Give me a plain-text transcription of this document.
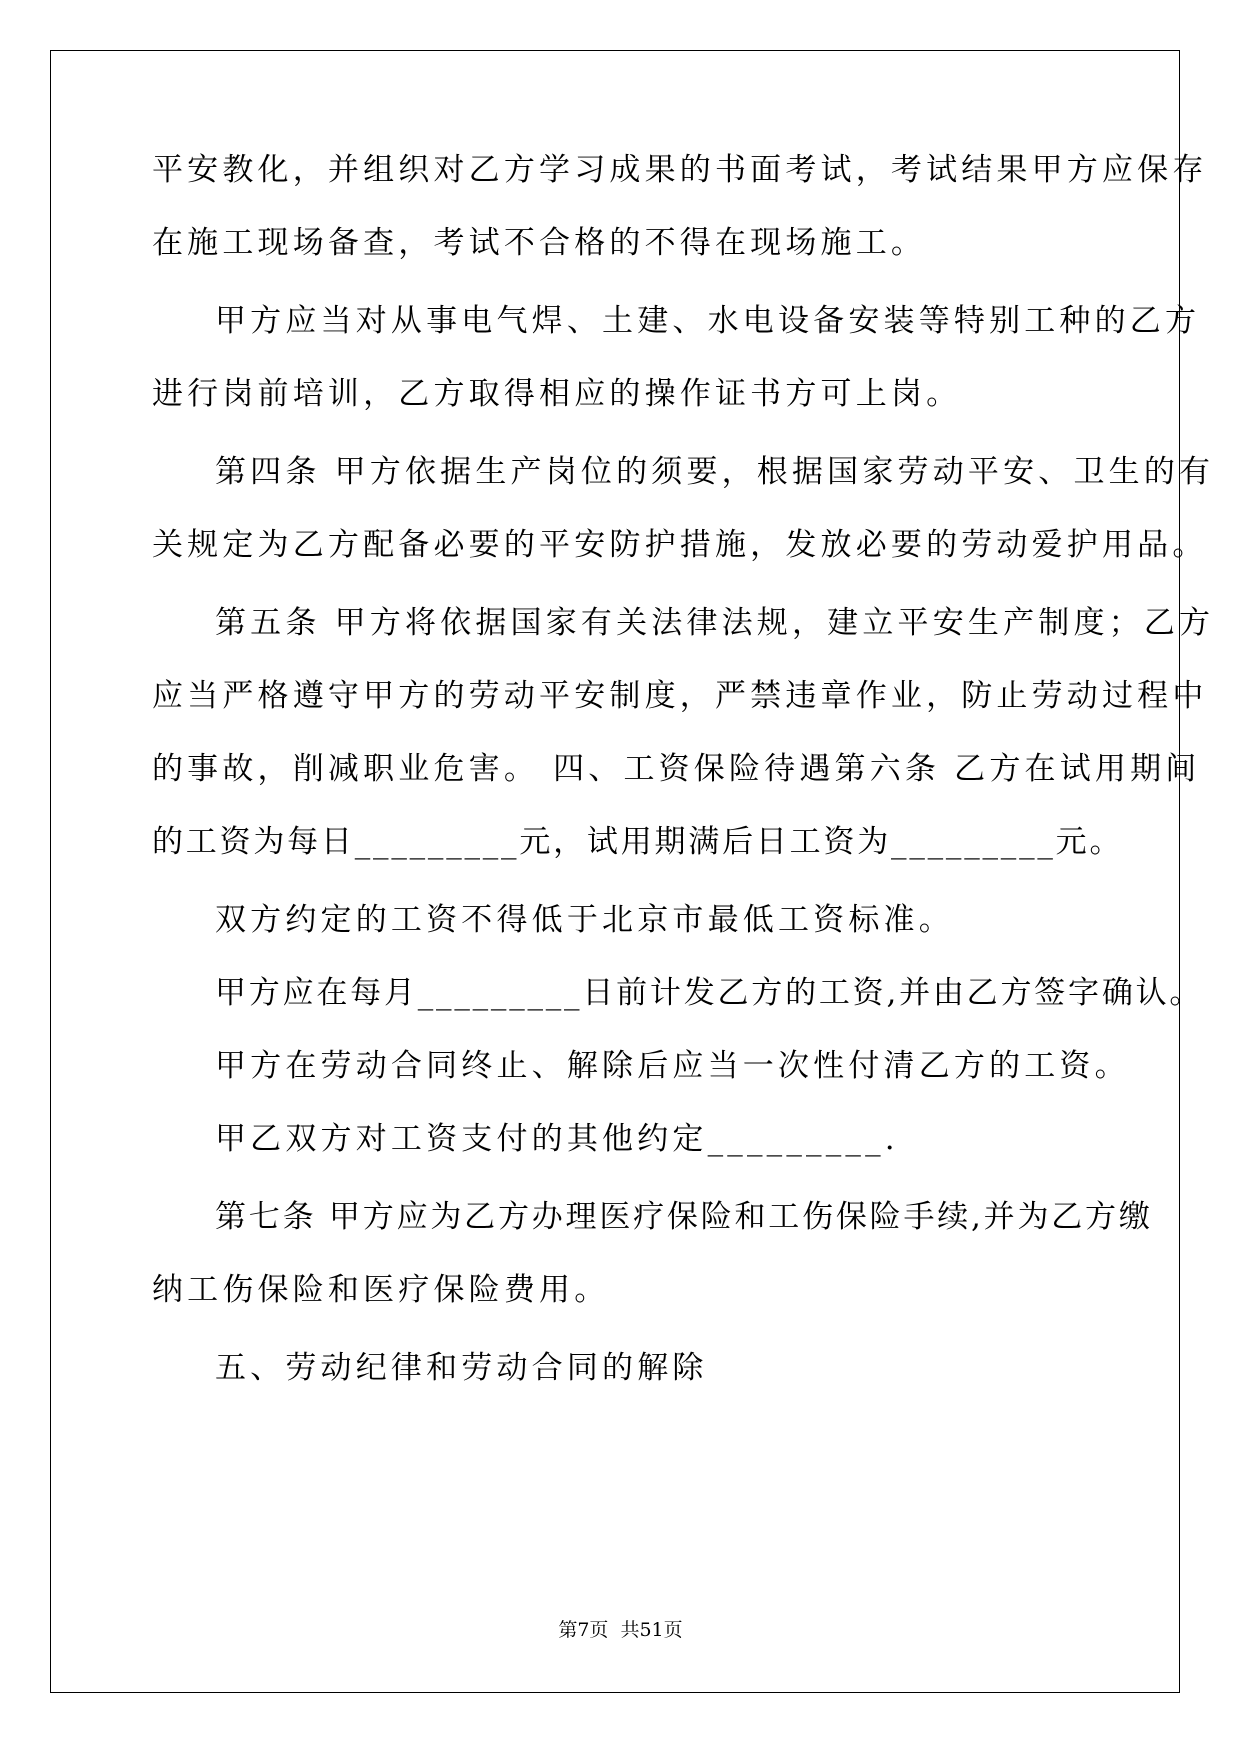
平安教化，并组织对乙方学习成果的书面考试，考试结果甲方应保存
在施工现场备查，考试不合格的不得在现场施工。
甲方应当对从事电气焊、土建、水电设备安装等特别工种的乙方
进行岗前培训，乙方取得相应的操作证书方可上岗。
第四条 甲方依据生产岗位的须要，根据国家劳动平安、卫生的有
关规定为乙方配备必要的平安防护措施，发放必要的劳动爱护用品。
第五条 甲方将依据国家有关法律法规，建立平安生产制度；乙方
应当严格遵守甲方的劳动平安制度，严禁违章作业，防止劳动过程中
的事故，削减职业危害。 四、工资保险待遇第六条 乙方在试用期间
的工资为每日_________元，试用期满后日工资为_________元。
双方约定的工资不得低于北京市最低工资标准。
甲方应在每月_________日前计发乙方的工资,并由乙方签字确认。
甲方在劳动合同终止、解除后应当一次性付清乙方的工资。
甲乙双方对工资支付的其他约定_________.
第七条 甲方应为乙方办理医疗保险和工伤保险手续,并为乙方缴
纳工伤保险和医疗保险费用。
五、劳动纪律和劳动合同的解除
第7页 共51页
